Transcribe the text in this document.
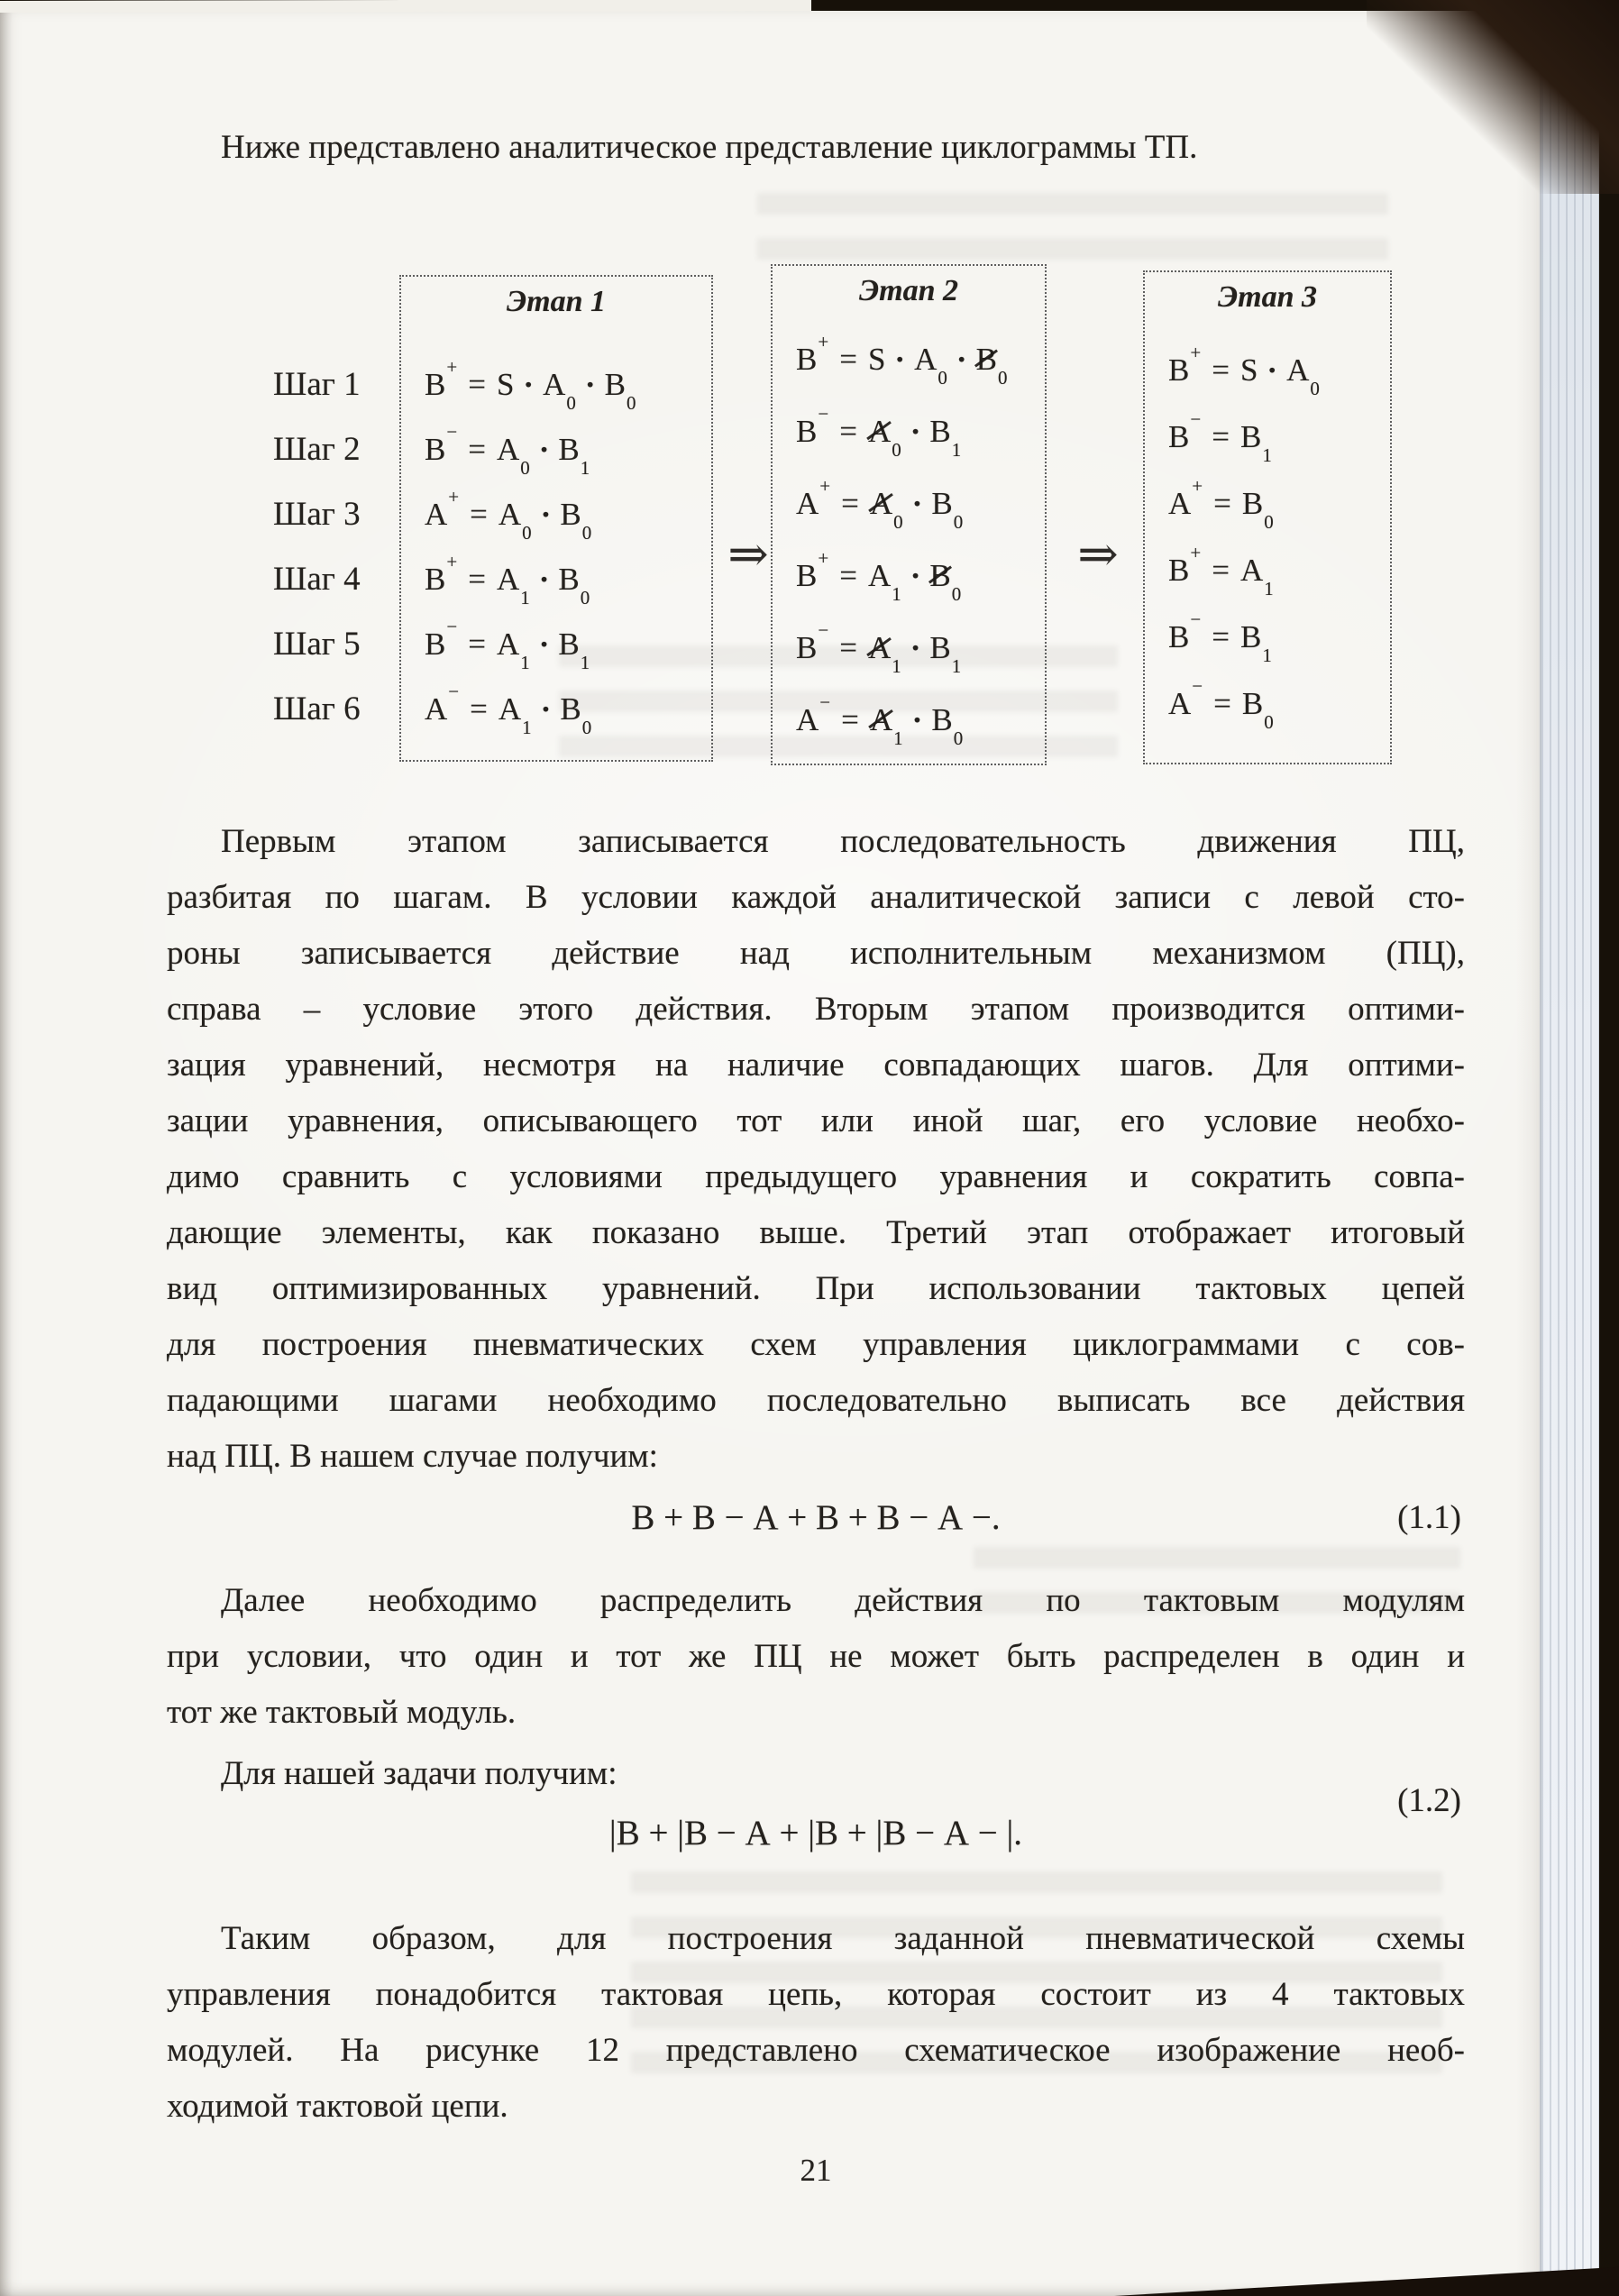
Ниже представлено аналитическое представление циклограммы ТП.
Шаг 1
Шаг 2
Шаг 3
Шаг 4
Шаг 5
Шаг 6
Этап 1
$B^+= S \cdot A_0\cdot B_0$
$B^-= A_0\cdot B_1$
$A^+= A_0\cdot B_0$
$B^+= A_1\cdot B_0$
$B^-= A_1\cdot B_1$
$A^-= A_1\cdot B_0$
⇒
Этап 2
$B^+= S \cdot A_0\cdot B_0$
$B^-= A_0\cdot B_1$
$A^+= A_0\cdot B_0$
$B^+= A_1\cdot B_0$
$B^-= A_1\cdot B_1$
$A^-= A_1\cdot B_0$
⇒
Этап 3
$B^+= S \cdot A_0$
$B^-= B_1$
$A^+= B_0$
$B^+= A_1$
$B^-= B_1$
$A^-= B_0$
Первым этапом записывается последовательность движения ПЦ,
разбитая по шагам. В условии каждой аналитической записи с левой сто-
роны записывается действие над исполнительным механизмом (ПЦ),
справа – условие этого действия. Вторым этапом производится оптими-
зация уравнений, несмотря на наличие совпадающих шагов. Для оптими-
зации уравнения, описывающего тот или иной шаг, его условие необхо-
димо сравнить с условиями предыдущего уравнения и сократить совпа-
дающие элементы, как показано выше. Третий этап отображает итоговый
вид оптимизированных уравнений. При использовании тактовых цепей
для построения пневматических схем управления циклограммами с сов-
падающими шагами необходимо последовательно выписать все действия
над ПЦ. В нашем случае получим:
В + В − А + В + В − А −.	(1.1)
Далее необходимо распределить действия по тактовым модулям
при условии, что один и тот же ПЦ не может быть распределен в один и
тот же тактовый модуль.
Для нашей задачи получим:
|В + |В − А + |В + |В − А − |.
(1.2)
Таким образом, для построения заданной пневматической схемы
управления понадобится тактовая цепь, которая состоит из 4 тактовых
модулей. На рисунке 12 представлено схематическое изображение необ-
ходимой тактовой цепи.
21
